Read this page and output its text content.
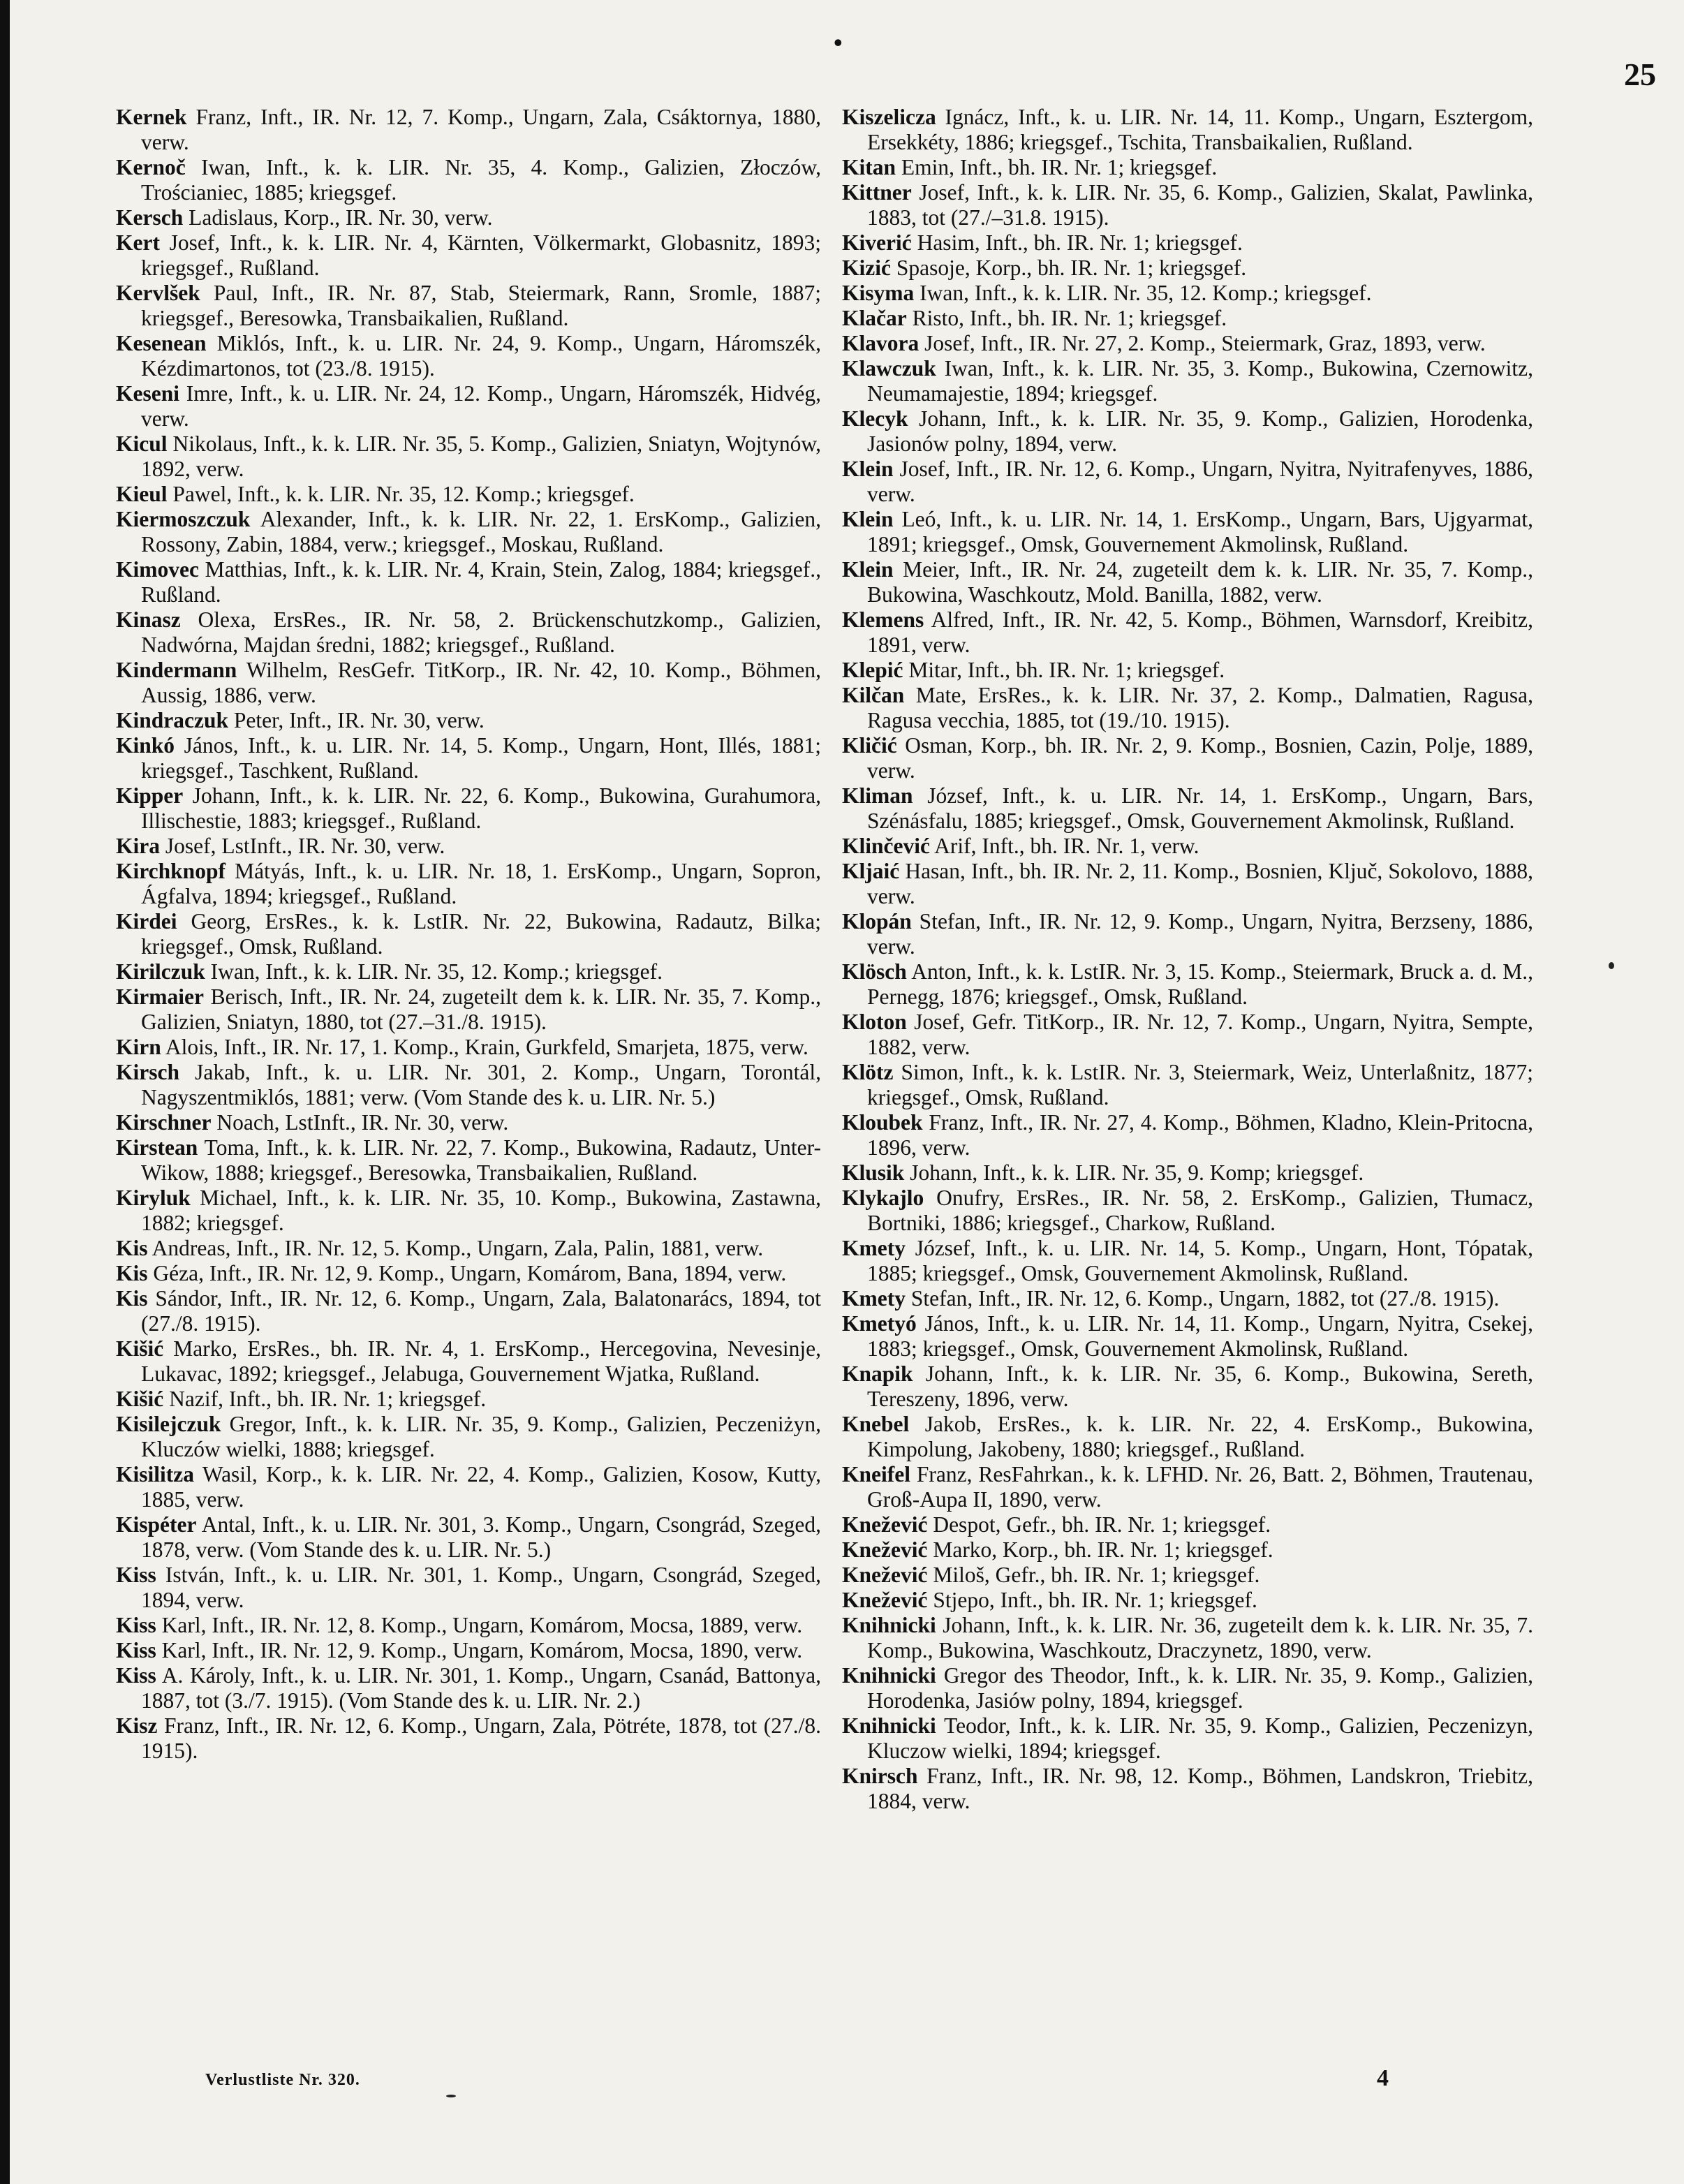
•
25

Kernek Franz, Inft., IR. Nr. 12, 7. Komp., Ungarn, Zala, Csáktornya, 1880, verw.

Kernoč Iwan, Inft., k. k. LIR. Nr. 35, 4. Komp., Galizien, Złoczów, Trościaniec, 1885; kriegsgef.

Kersch Ladislaus, Korp., IR. Nr. 30, verw.

Kert Josef, Inft., k. k. LIR. Nr. 4, Kärnten, Völkermarkt, Globasnitz, 1893; kriegsgef., Rußland.

Kervlšek Paul, Inft., IR. Nr. 87, Stab, Steiermark, Rann, Sromle, 1887; kriegsgef., Beresowka, Transbaikalien, Rußland.

Kesenean Miklós, Inft., k. u. LIR. Nr. 24, 9. Komp., Ungarn, Háromszék, Kézdimartonos, tot (23./8. 1915).

Keseni Imre, Inft., k. u. LIR. Nr. 24, 12. Komp., Ungarn, Háromszék, Hidvég, verw.

Kicul Nikolaus, Inft., k. k. LIR. Nr. 35, 5. Komp., Galizien, Sniatyn, Wojtynów, 1892, verw.

Kieul Pawel, Inft., k. k. LIR. Nr. 35, 12. Komp.; kriegsgef.

Kiermoszczuk Alexander, Inft., k. k. LIR. Nr. 22, 1. ErsKomp., Galizien, Rossony, Zabin, 1884, verw.; kriegsgef., Moskau, Rußland.

Kimovec Matthias, Inft., k. k. LIR. Nr. 4, Krain, Stein, Zalog, 1884; kriegsgef., Rußland.

Kinasz Olexa, ErsRes., IR. Nr. 58, 2. Brückenschutzkomp., Galizien, Nadwórna, Majdan średni, 1882; kriegsgef., Rußland.

Kindermann Wilhelm, ResGefr. TitKorp., IR. Nr. 42, 10. Komp., Böhmen, Aussig, 1886, verw.

Kindraczuk Peter, Inft., IR. Nr. 30, verw.

Kinkó János, Inft., k. u. LIR. Nr. 14, 5. Komp., Ungarn, Hont, Illés, 1881; kriegsgef., Taschkent, Rußland.

Kipper Johann, Inft., k. k. LIR. Nr. 22, 6. Komp., Bukowina, Gurahumora, Illischestie, 1883; kriegsgef., Rußland.

Kira Josef, LstInft., IR. Nr. 30, verw.

Kirchknopf Mátyás, Inft., k. u. LIR. Nr. 18, 1. ErsKomp., Ungarn, Sopron, Ágfalva, 1894; kriegsgef., Rußland.

Kirdei Georg, ErsRes., k. k. LstIR. Nr. 22, Bukowina, Radautz, Bilka; kriegsgef., Omsk, Rußland.

Kirilczuk Iwan, Inft., k. k. LIR. Nr. 35, 12. Komp.; kriegsgef.

Kirmaier Berisch, Inft., IR. Nr. 24, zugeteilt dem k. k. LIR. Nr. 35, 7. Komp., Galizien, Sniatyn, 1880, tot (27.–31./8. 1915).

Kirn Alois, Inft., IR. Nr. 17, 1. Komp., Krain, Gurkfeld, Smarjeta, 1875, verw.

Kirsch Jakab, Inft., k. u. LIR. Nr. 301, 2. Komp., Ungarn, Torontál, Nagyszentmiklós, 1881; verw. (Vom Stande des k. u. LIR. Nr. 5.)

Kirschner Noach, LstInft., IR. Nr. 30, verw.

Kirstean Toma, Inft., k. k. LIR. Nr. 22, 7. Komp., Bukowina, Radautz, Unter-Wikow, 1888; kriegsgef., Beresowka, Transbaikalien, Rußland.

Kiryluk Michael, Inft., k. k. LIR. Nr. 35, 10. Komp., Bukowina, Zastawna, 1882; kriegsgef.

Kis Andreas, Inft., IR. Nr. 12, 5. Komp., Ungarn, Zala, Palin, 1881, verw.

Kis Géza, Inft., IR. Nr. 12, 9. Komp., Ungarn, Komárom, Bana, 1894, verw.

Kis Sándor, Inft., IR. Nr. 12, 6. Komp., Ungarn, Zala, Balatonarács, 1894, tot (27./8. 1915).

Kišić Marko, ErsRes., bh. IR. Nr. 4, 1. ErsKomp., Hercegovina, Nevesinje, Lukavac, 1892; kriegsgef., Jelabuga, Gouvernement Wjatka, Rußland.

Kišić Nazif, Inft., bh. IR. Nr. 1; kriegsgef.

Kisilejczuk Gregor, Inft., k. k. LIR. Nr. 35, 9. Komp., Galizien, Peczeniżyn, Kluczów wielki, 1888; kriegsgef.

Kisilitza Wasil, Korp., k. k. LIR. Nr. 22, 4. Komp., Galizien, Kosow, Kutty, 1885, verw.

Kispéter Antal, Inft., k. u. LIR. Nr. 301, 3. Komp., Ungarn, Csongrád, Szeged, 1878, verw. (Vom Stande des k. u. LIR. Nr. 5.)

Kiss István, Inft., k. u. LIR. Nr. 301, 1. Komp., Ungarn, Csongrád, Szeged, 1894, verw.

Kiss Karl, Inft., IR. Nr. 12, 8. Komp., Ungarn, Komárom, Mocsa, 1889, verw.

Kiss Karl, Inft., IR. Nr. 12, 9. Komp., Ungarn, Komárom, Mocsa, 1890, verw.

Kiss A. Károly, Inft., k. u. LIR. Nr. 301, 1. Komp., Ungarn, Csanád, Battonya, 1887, tot (3./7. 1915). (Vom Stande des k. u. LIR. Nr. 2.)

Kisz Franz, Inft., IR. Nr. 12, 6. Komp., Ungarn, Zala, Pötréte, 1878, tot (27./8. 1915).

Kiszelicza Ignácz, Inft., k. u. LIR. Nr. 14, 11. Komp., Ungarn, Esztergom, Ersekkéty, 1886; kriegsgef., Tschita, Transbaikalien, Rußland.

Kitan Emin, Inft., bh. IR. Nr. 1; kriegsgef.

Kittner Josef, Inft., k. k. LIR. Nr. 35, 6. Komp., Galizien, Skalat, Pawlinka, 1883, tot (27./–31.8. 1915).

Kiverić Hasim, Inft., bh. IR. Nr. 1; kriegsgef.

Kizić Spasoje, Korp., bh. IR. Nr. 1; kriegsgef.

Kisyma Iwan, Inft., k. k. LIR. Nr. 35, 12. Komp.; kriegsgef.

Klačar Risto, Inft., bh. IR. Nr. 1; kriegsgef.

Klavora Josef, Inft., IR. Nr. 27, 2. Komp., Steiermark, Graz, 1893, verw.

Klawczuk Iwan, Inft., k. k. LIR. Nr. 35, 3. Komp., Bukowina, Czernowitz, Neumamajestie, 1894; kriegsgef.

Klecyk Johann, Inft., k. k. LIR. Nr. 35, 9. Komp., Galizien, Horodenka, Jasionów polny, 1894, verw.

Klein Josef, Inft., IR. Nr. 12, 6. Komp., Ungarn, Nyitra, Nyitrafenyves, 1886, verw.

Klein Leó, Inft., k. u. LIR. Nr. 14, 1. ErsKomp., Ungarn, Bars, Ujgyarmat, 1891; kriegsgef., Omsk, Gouvernement Akmolinsk, Rußland.

Klein Meier, Inft., IR. Nr. 24, zugeteilt dem k. k. LIR. Nr. 35, 7. Komp., Bukowina, Waschkoutz, Mold. Banilla, 1882, verw.

Klemens Alfred, Inft., IR. Nr. 42, 5. Komp., Böhmen, Warnsdorf, Kreibitz, 1891, verw.

Klepić Mitar, Inft., bh. IR. Nr. 1; kriegsgef.

Kilčan Mate, ErsRes., k. k. LIR. Nr. 37, 2. Komp., Dalmatien, Ragusa, Ragusa vecchia, 1885, tot (19./10. 1915).

Kličić Osman, Korp., bh. IR. Nr. 2, 9. Komp., Bosnien, Cazin, Polje, 1889, verw.

Kliman József, Inft., k. u. LIR. Nr. 14, 1. ErsKomp., Ungarn, Bars, Szénásfalu, 1885; kriegsgef., Omsk, Gouvernement Akmolinsk, Rußland.

Klinčević Arif, Inft., bh. IR. Nr. 1, verw.

Kljaić Hasan, Inft., bh. IR. Nr. 2, 11. Komp., Bosnien, Ključ, Sokolovo, 1888, verw.

Klopán Stefan, Inft., IR. Nr. 12, 9. Komp., Ungarn, Nyitra, Berzseny, 1886, verw.

Klösch Anton, Inft., k. k. LstIR. Nr. 3, 15. Komp., Steiermark, Bruck a. d. M., Pernegg, 1876; kriegsgef., Omsk, Rußland.

Kloton Josef, Gefr. TitKorp., IR. Nr. 12, 7. Komp., Ungarn, Nyitra, Sempte, 1882, verw.

Klötz Simon, Inft., k. k. LstIR. Nr. 3, Steiermark, Weiz, Unterlaßnitz, 1877; kriegsgef., Omsk, Rußland.

Kloubek Franz, Inft., IR. Nr. 27, 4. Komp., Böhmen, Kladno, Klein-Pritocna, 1896, verw.

Klusik Johann, Inft., k. k. LIR. Nr. 35, 9. Komp; kriegsgef.

Klykajlo Onufry, ErsRes., IR. Nr. 58, 2. ErsKomp., Galizien, Tłumacz, Bortniki, 1886; kriegsgef., Charkow, Rußland.

Kmety József, Inft., k. u. LIR. Nr. 14, 5. Komp., Ungarn, Hont, Tópatak, 1885; kriegsgef., Omsk, Gouvernement Akmolinsk, Rußland.

Kmety Stefan, Inft., IR. Nr. 12, 6. Komp., Ungarn, 1882, tot (27./8. 1915).

Kmetyó János, Inft., k. u. LIR. Nr. 14, 11. Komp., Ungarn, Nyitra, Csekej, 1883; kriegsgef., Omsk, Gouvernement Akmolinsk, Rußland.

Knapik Johann, Inft., k. k. LIR. Nr. 35, 6. Komp., Bukowina, Sereth, Tereszeny, 1896, verw.

Knebel Jakob, ErsRes., k. k. LIR. Nr. 22, 4. ErsKomp., Bukowina, Kimpolung, Jakobeny, 1880; kriegsgef., Rußland.

Kneifel Franz, ResFahrkan., k. k. LFHD. Nr. 26, Batt. 2, Böhmen, Trautenau, Groß-Aupa II, 1890, verw.

Knežević Despot, Gefr., bh. IR. Nr. 1; kriegsgef.

Knežević Marko, Korp., bh. IR. Nr. 1; kriegsgef.

Knežević Miloš, Gefr., bh. IR. Nr. 1; kriegsgef.

Knežević Stjepo, Inft., bh. IR. Nr. 1; kriegsgef.

Knihnicki Johann, Inft., k. k. LIR. Nr. 36, zugeteilt dem k. k. LIR. Nr. 35, 7. Komp., Bukowina, Waschkoutz, Draczynetz, 1890, verw.

Knihnicki Gregor des Theodor, Inft., k. k. LIR. Nr. 35, 9. Komp., Galizien, Horodenka, Jasiów polny, 1894, kriegsgef.

Knihnicki Teodor, Inft., k. k. LIR. Nr. 35, 9. Komp., Galizien, Peczenizyn, Kluczow wielki, 1894; kriegsgef.

Knirsch Franz, Inft., IR. Nr. 98, 12. Komp., Böhmen, Landskron, Triebitz, 1884, verw.

Verlustliste Nr. 320.	4
